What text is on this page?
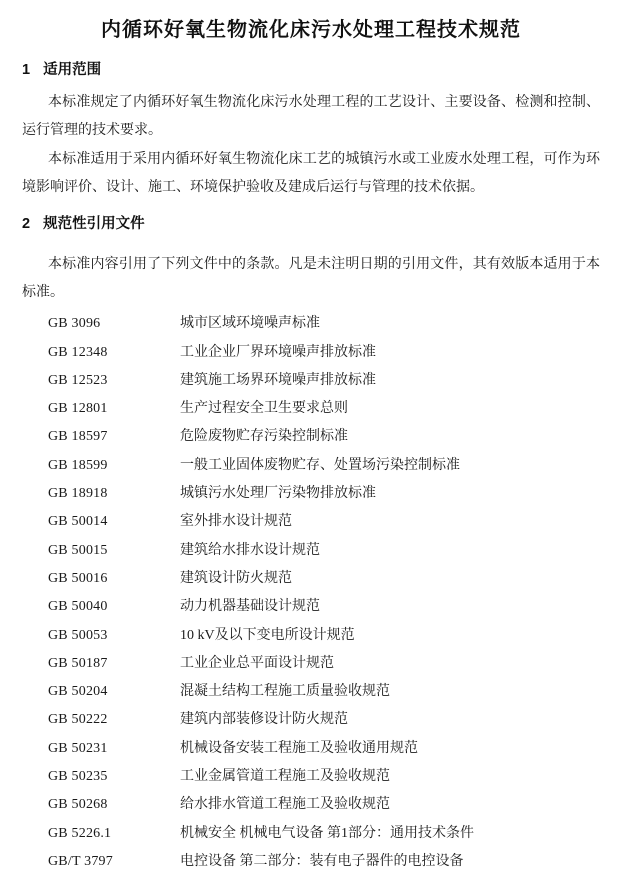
内循环好氧生物流化床污水处理工程技术规范
1 适用范围

本标准规定了内循环好氧生物流化床污水处理工程的工艺设计、主要设备、检测和控制、运行管理的技术要求。

本标准适用于采用内循环好氧生物流化床工艺的城镇污水或工业废水处理工程，可作为环境影响评价、设计、施工、环境保护验收及建成后运行与管理的技术依据。

2 规范性引用文件

本标准内容引用了下列文件中的条款。凡是未注明日期的引用文件，其有效版本适用于本标准。

GB 3096	城市区域环境噪声标准
GB 12348	工业企业厂界环境噪声排放标准
GB 12523	建筑施工场界环境噪声排放标准
GB 12801	生产过程安全卫生要求总则
GB 18597	危险废物贮存污染控制标准
GB 18599	一般工业固体废物贮存、处置场污染控制标准
GB 18918	城镇污水处理厂污染物排放标准
GB 50014	室外排水设计规范
GB 50015	建筑给水排水设计规范
GB 50016	建筑设计防火规范
GB 50040	动力机器基础设计规范
GB 50053	10 kV及以下变电所设计规范
GB 50187	工业企业总平面设计规范
GB 50204	混凝土结构工程施工质量验收规范
GB 50222	建筑内部装修设计防火规范
GB 50231	机械设备安装工程施工及验收通用规范
GB 50235	工业金属管道工程施工及验收规范
GB 50268	给水排水管道工程施工及验收规范
GB 5226.1	机械安全 机械电气设备 第1部分：通用技术条件
GB/T 3797	电控设备 第二部分：装有电子器件的电控设备
